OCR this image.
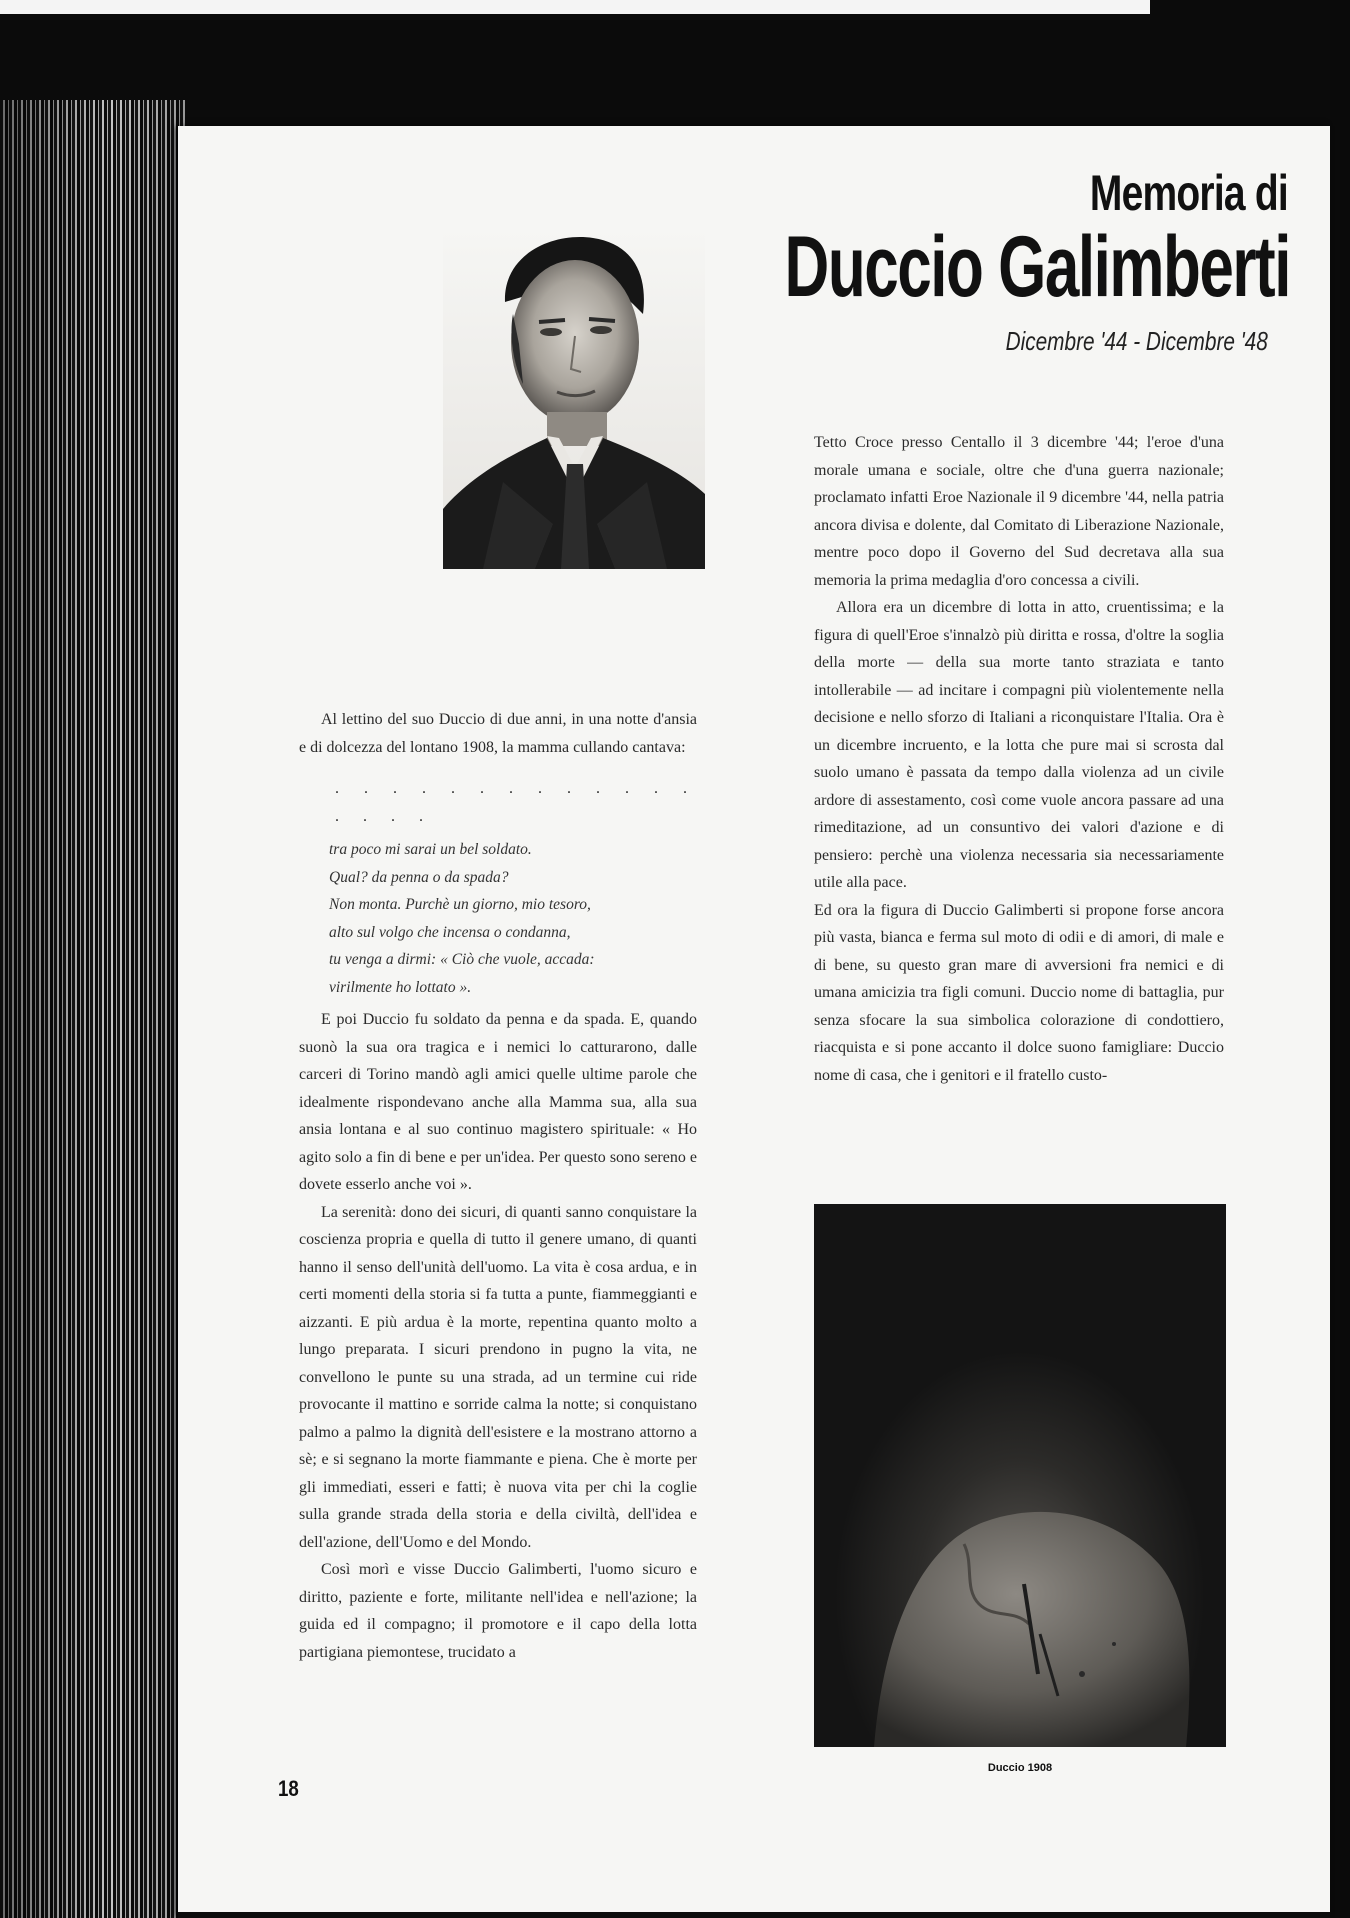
Memoria di
Duccio Galimberti
Dicembre '44 - Dicembre '48

Al lettino del suo Duccio di due anni, in una notte d'ansia e di dolcezza del lontano 1908, la mamma cullando cantava:

. . . . . . . . . . . . . . . . .

tra poco mi sarai un bel soldato.
Qual? da penna o da spada?
Non monta. Purchè un giorno, mio tesoro,
alto sul volgo che incensa o condanna,
tu venga a dirmi: « Ciò che vuole, accada:
virilmente ho lottato ».

E poi Duccio fu soldato da penna e da spada. E, quando suonò la sua ora tragica e i nemici lo catturarono, dalle carceri di Torino mandò agli amici quelle ultime parole che idealmente rispondevano anche alla Mamma sua, alla sua ansia lontana e al suo continuo magistero spirituale: « Ho agito solo a fin di bene e per un'idea. Per questo sono sereno e dovete esserlo anche voi ».

La serenità: dono dei sicuri, di quanti sanno conquistare la coscienza propria e quella di tutto il genere umano, di quanti hanno il senso dell'unità dell'uomo. La vita è cosa ardua, e in certi momenti della storia si fa tutta a punte, fiammeggianti e aizzanti. E più ardua è la morte, repentina quanto molto a lungo preparata. I sicuri prendono in pugno la vita, ne convellono le punte su una strada, ad un termine cui ride provocante il mattino e sorride calma la notte; si conquistano palmo a palmo la dignità dell'esistere e la mostrano attorno a sè; e si segnano la morte fiammante e piena. Che è morte per gli immediati, esseri e fatti; è nuova vita per chi la coglie sulla grande strada della storia e della civiltà, dell'idea e dell'azione, dell'Uomo e del Mondo.

Così morì e visse Duccio Galimberti, l'uomo sicuro e diritto, paziente e forte, militante nell'idea e nell'azione; la guida ed il compagno; il promotore e il capo della lotta partigiana piemontese, trucidato a

Tetto Croce presso Centallo il 3 dicembre '44; l'eroe d'una morale umana e sociale, oltre che d'una guerra nazionale; proclamato infatti Eroe Nazionale il 9 dicembre '44, nella patria ancora divisa e dolente, dal Comitato di Liberazione Nazionale, mentre poco dopo il Governo del Sud decretava alla sua memoria la prima medaglia d'oro concessa a civili.

Allora era un dicembre di lotta in atto, cruentissima; e la figura di quell'Eroe s'innalzò più diritta e rossa, d'oltre la soglia della morte — della sua morte tanto straziata e tanto intollerabile — ad incitare i compagni più violentemente nella decisione e nello sforzo di Italiani a riconquistare l'Italia. Ora è un dicembre incruento, e la lotta che pure mai si scrosta dal suolo umano è passata da tempo dalla violenza ad un civile ardore di assestamento, così come vuole ancora passare ad una rimeditazione, ad un consuntivo dei valori d'azione e di pensiero: perchè una violenza necessaria sia necessariamente utile alla pace.

Ed ora la figura di Duccio Galimberti si propone forse ancora più vasta, bianca e ferma sul moto di odii e di amori, di male e di bene, su questo gran mare di avversioni fra nemici e di umana amicizia tra figli comuni. Duccio nome di battaglia, pur senza sfocare la sua simbolica colorazione di condottiero, riacquista e si pone accanto il dolce suono famigliare: Duccio nome di casa, che i genitori e il fratello custo-

Duccio 1908
18
